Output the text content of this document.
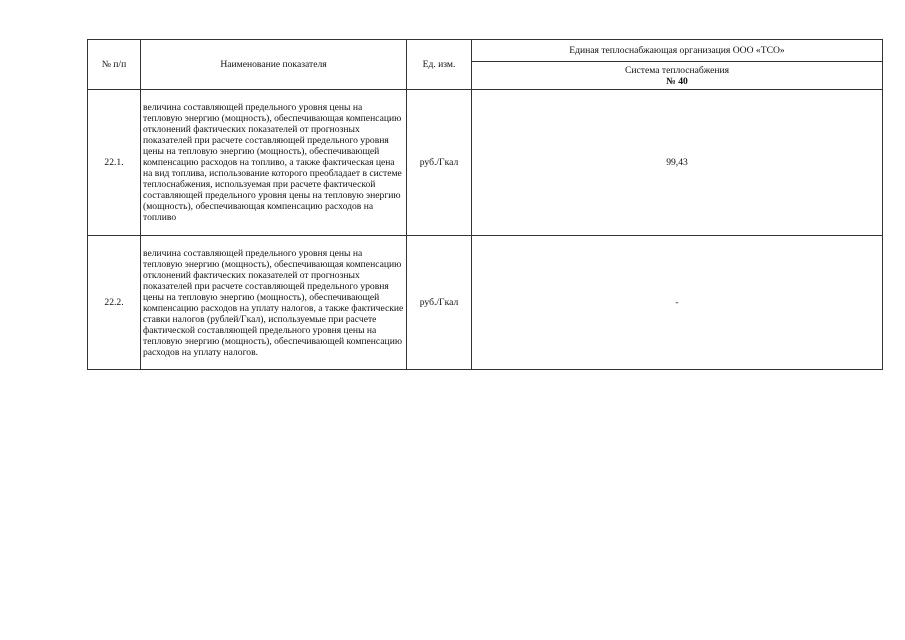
№ п/п	Наименование показателя	Ед. изм.	Единая теплоснабжающая организация ООО «ТСО»

			Система теплоснабжения
№ 40

22.1.	величина составляющей предельного уровня цены на тепловую энергию (мощность), обеспечивающая компенсацию отклонений фактических показателей от прогнозных показателей при расчете составляющей предельного уровня цены на тепловую энергию (мощность), обеспечивающей компенсацию расходов на топливо, а также фактическая цена на вид топлива, использование которого преобладает в системе теплоснабжения, используемая при расчете фактической составляющей предельного уровня цены на тепловую энергию (мощность), обеспечивающая компенсацию расходов на топливо	руб./Гкал	99,43
22.2.	величина составляющей предельного уровня цены на тепловую энергию (мощность), обеспечивающая компенсацию отклонений фактических показателей от прогнозных показателей при расчете составляющей предельного уровня цены на тепловую энергию (мощность), обеспечивающей компенсацию расходов на уплату налогов, а также фактические ставки налогов (рублей/Гкал), используемые при расчете фактической составляющей предельного уровня цены на тепловую энергию (мощность), обеспечивающей компенсацию расходов на уплату налогов.	руб./Гкал	-
